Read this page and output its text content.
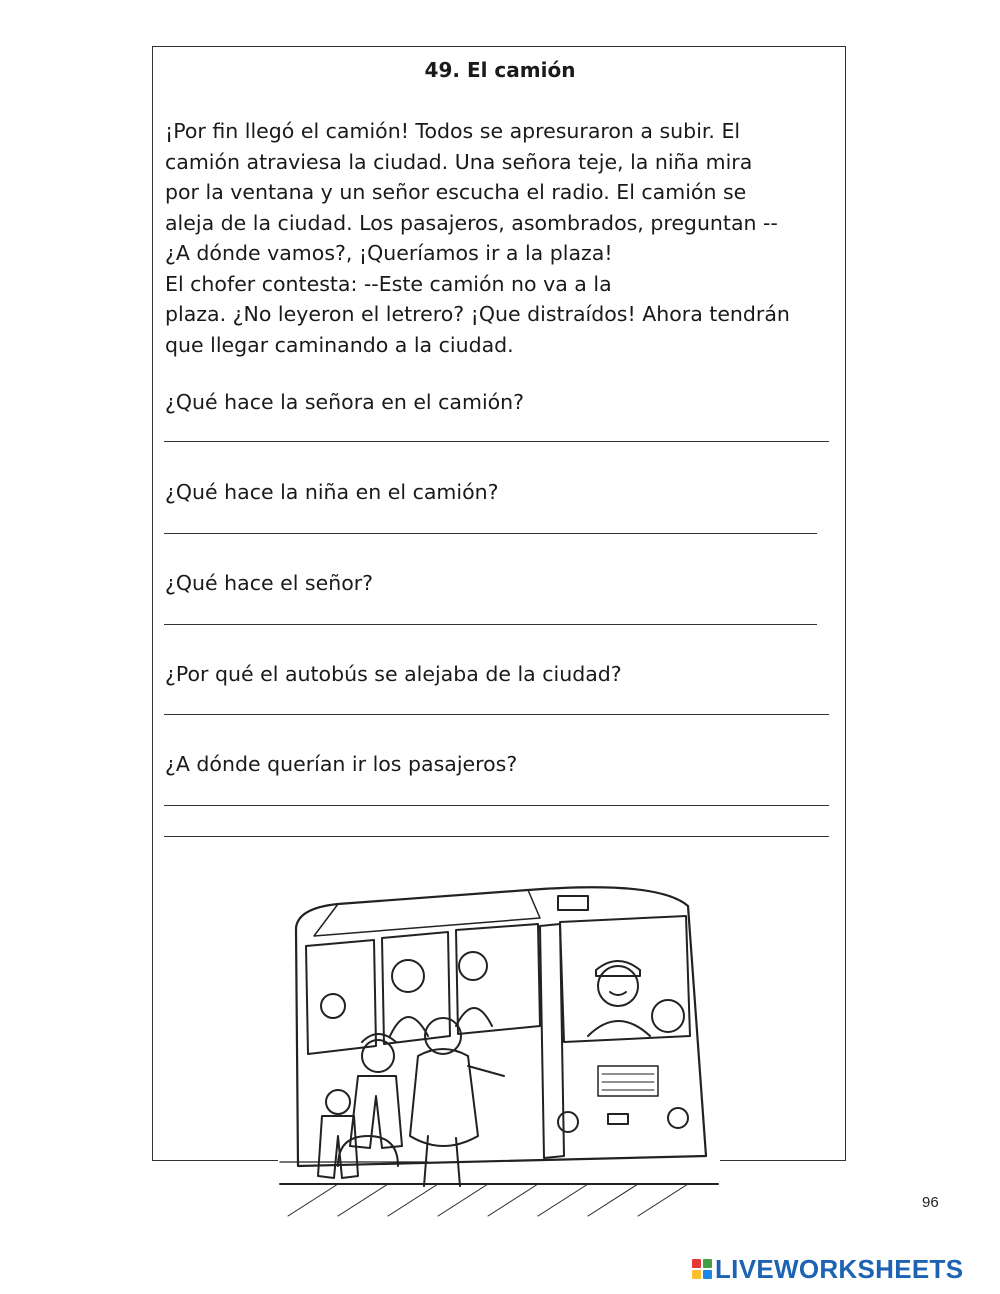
49. El camión
¡Por fin llegó el camión! Todos se apresuraron a subir. El
camión atraviesa la ciudad. Una señora teje, la niña mira
por la ventana y un señor escucha el radio. El camión se
aleja de la ciudad. Los pasajeros, asombrados, preguntan --
¿A dónde vamos?, ¡Queríamos ir a la plaza!
El chofer contesta: --Este camión no va a la
plaza. ¿No leyeron el letrero? ¡Que distraídos! Ahora tendrán
que llegar caminando a la ciudad.
¿Qué hace la señora en el camión?
¿Qué hace la niña en el camión?
¿Qué hace el señor?
¿Por qué el autobús se alejaba de la ciudad?
¿A dónde querían ir los pasajeros?
96
LIVEWORKSHEETS
